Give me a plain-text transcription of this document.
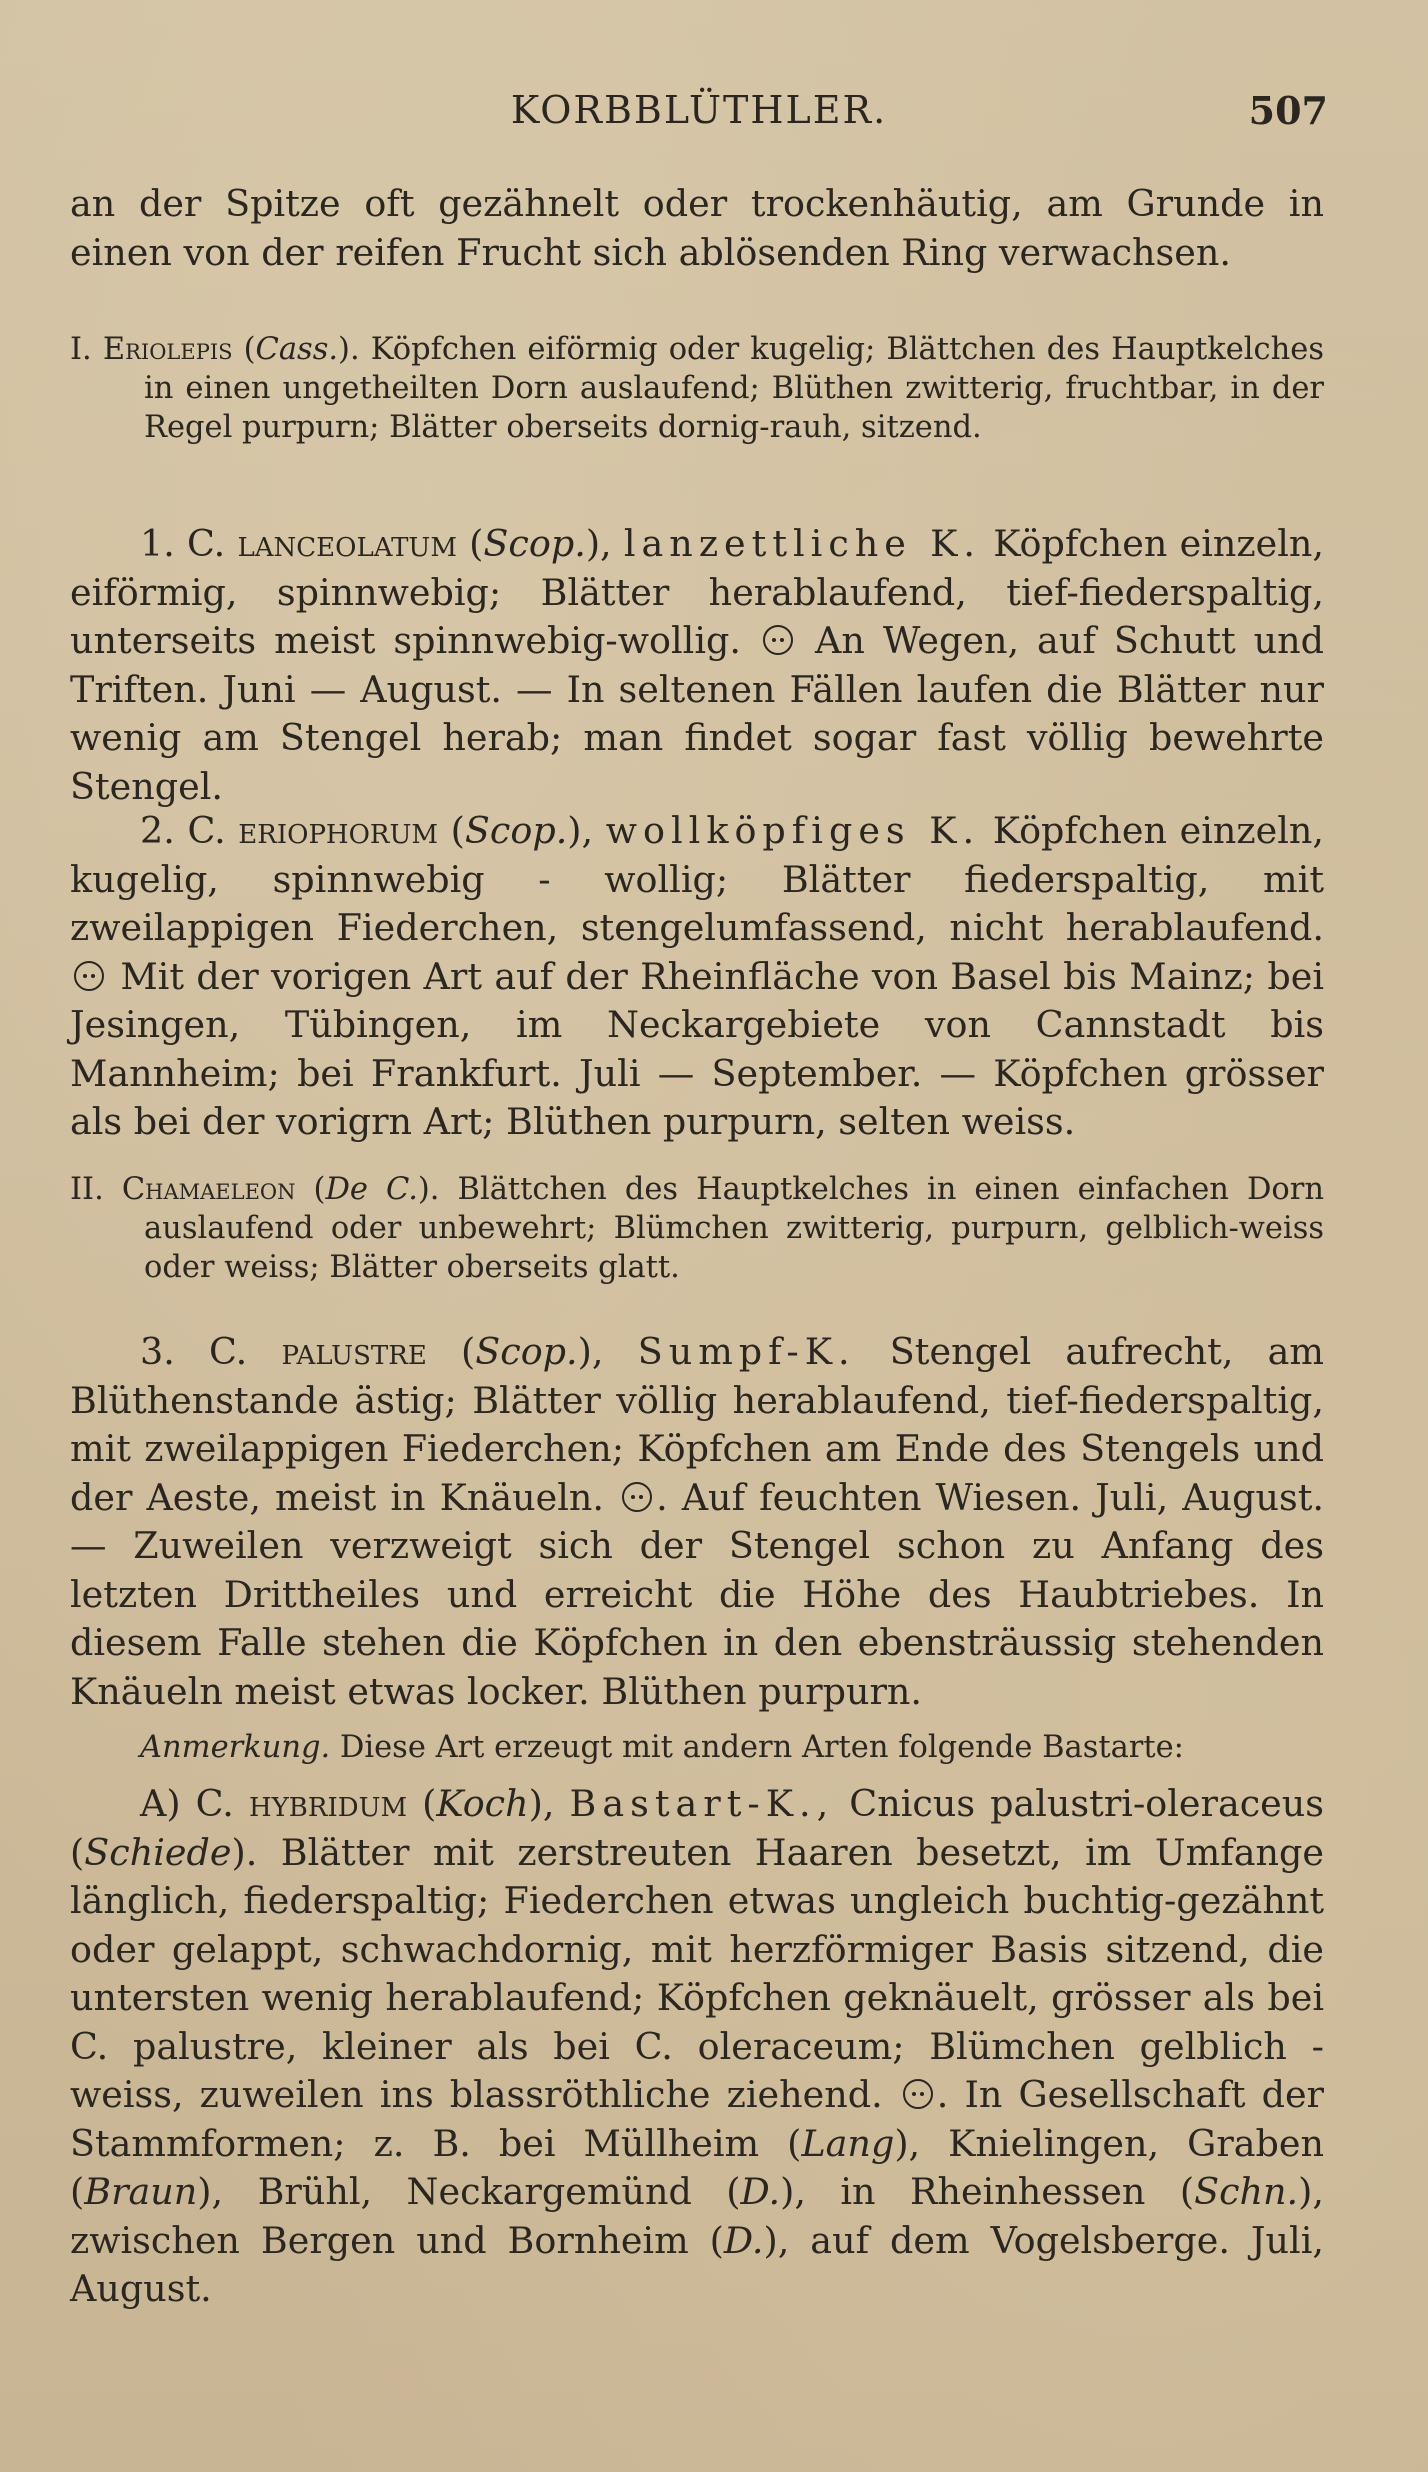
KORBBLÜTHLER.	507

an der Spitze oft gezähnelt oder trockenhäutig, am Grunde in einen von der reifen Frucht sich ablösenden Ring verwachsen.

I. Eriolepis (Cass.). Köpfchen eiförmig oder kugelig; Blättchen des Hauptkelches in einen ungetheilten Dorn auslaufend; Blüthen zwitterig, fruchtbar, in der Regel purpurn; Blätter oberseits dornig-rauh, sitzend.

1. C. lanceolatum (Scop.), lanzettliche K. Köpfchen einzeln, eiförmig, spinnwebig; Blätter herablaufend, tief-fiederspaltig, unterseits meist spinnwebig-wollig. An Wegen, auf Schutt und Triften. Juni — August. — In seltenen Fällen laufen die Blätter nur wenig am Stengel herab; man findet sogar fast völlig bewehrte Stengel.

2. C. eriophorum (Scop.), wollköpfiges K. Köpfchen einzeln, kugelig, spinnwebig - wollig; Blätter fiederspaltig, mit zweilappigen Fiederchen, stengelumfassend, nicht herablaufend.  Mit der vorigen Art auf der Rheinfläche von Basel bis Mainz; bei Jesingen, Tübingen, im Neckargebiete von Cannstadt bis Mannheim; bei Frankfurt. Juli — September. — Köpfchen grösser als bei der vorigrn Art; Blüthen purpurn, selten weiss.

II. Chamaeleon (De C.). Blättchen des Hauptkelches in einen einfachen Dorn auslaufend oder unbewehrt; Blümchen zwitterig, purpurn, gelblich-weiss oder weiss; Blätter oberseits glatt.

3. C. palustre (Scop.), Sumpf-K. Stengel aufrecht, am Blüthenstande ästig; Blätter völlig herablaufend, tief-fiederspaltig, mit zweilappigen Fiederchen; Köpfchen am Ende des Stengels und der Aeste, meist in Knäueln. . Auf feuchten Wiesen. Juli, August. — Zuweilen verzweigt sich der Stengel schon zu Anfang des letzten Drittheiles und erreicht die Höhe des Haubtriebes. In diesem Falle stehen die Köpfchen in den ebensträussig stehenden Knäueln meist etwas locker. Blüthen purpurn.

Anmerkung. Diese Art erzeugt mit andern Arten folgende Bastarte:

A) C. hybridum (Koch), Bastart-K., Cnicus palustri-oleraceus (Schiede). Blätter mit zerstreuten Haaren besetzt, im Umfange länglich, fiederspaltig; Fiederchen etwas ungleich buchtig-gezähnt oder gelappt, schwachdornig, mit herzförmiger Basis sitzend, die untersten wenig herablaufend; Köpfchen geknäuelt, grösser als bei C. palustre, kleiner als bei C. oleraceum; Blümchen gelblich - weiss, zuweilen ins blassröthliche ziehend. . In Gesellschaft der Stammformen; z. B. bei Müllheim (Lang), Knielingen, Graben (Braun), Brühl, Neckargemünd (D.), in Rheinhessen (Schn.), zwischen Bergen und Bornheim (D.), auf dem Vogelsberge. Juli, August.
